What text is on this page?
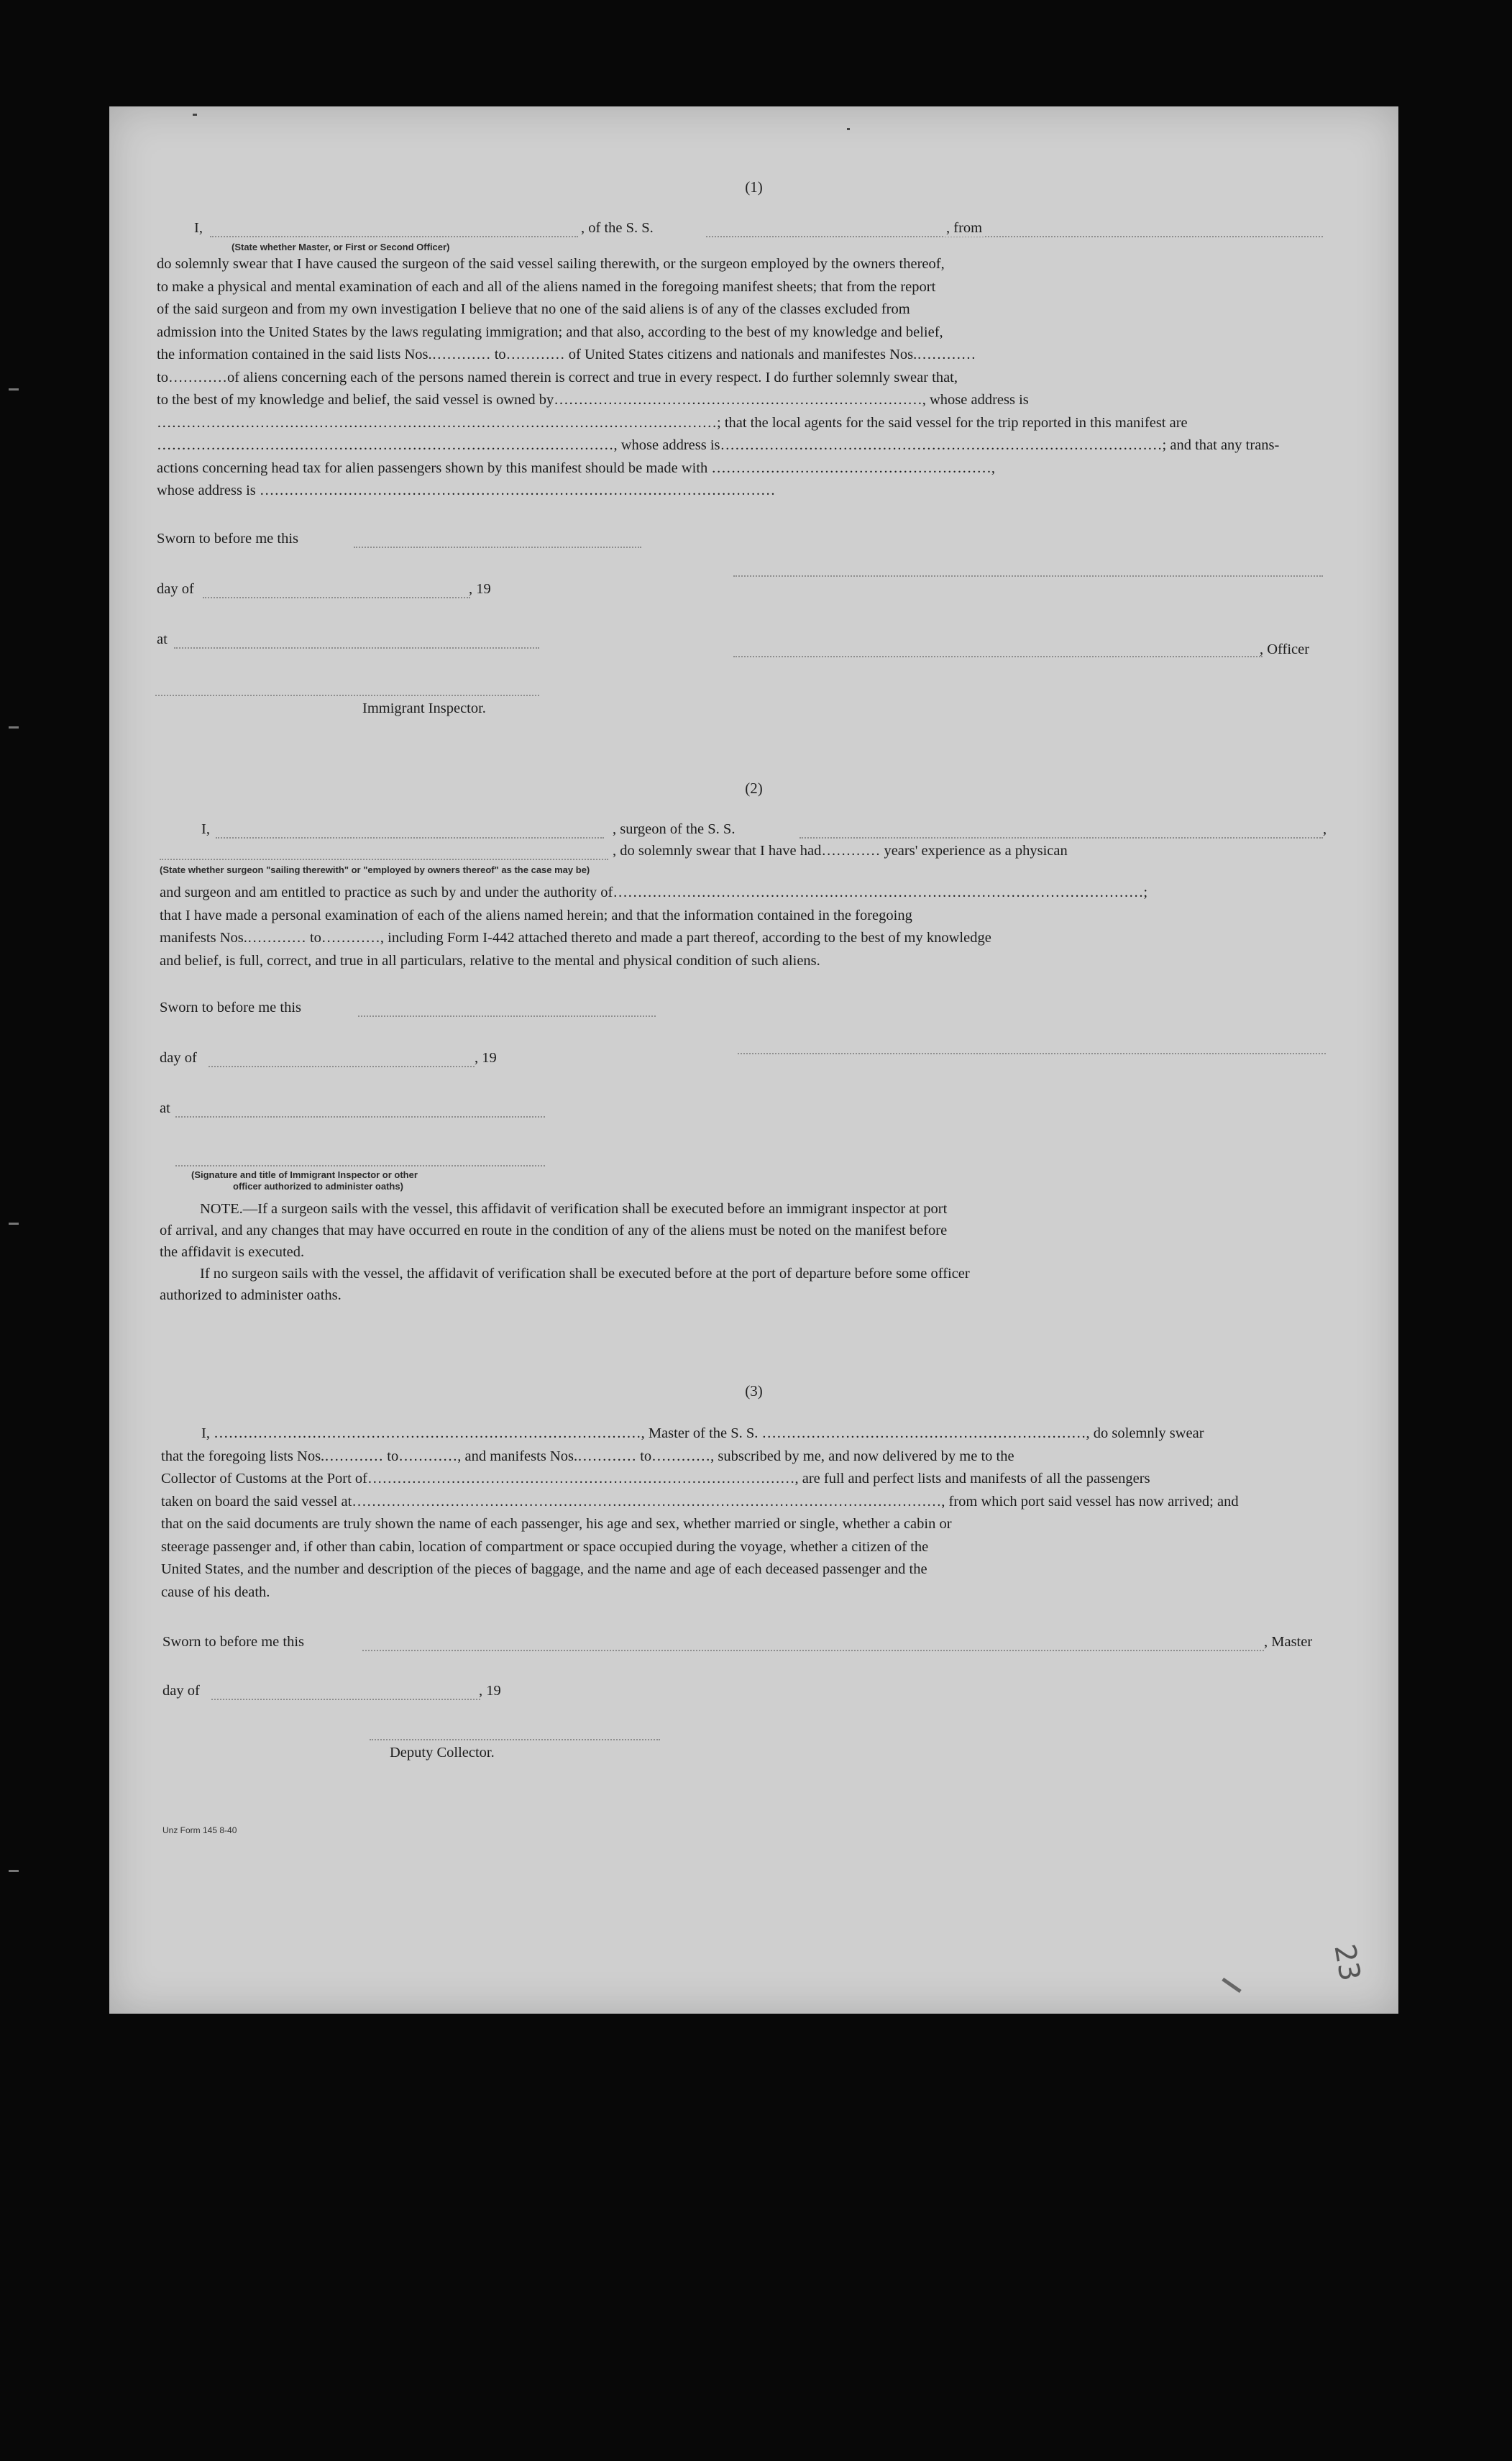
(1)
I,	, of the S. S.	, from
(State whether Master, or First or Second Officer)
do solemnly swear that I have caused the surgeon of the said vessel sailing therewith, or the surgeon employed by the owners thereof,
to make a physical and mental examination of each and all of the aliens named in the foregoing manifest sheets; that from the report
of the said surgeon and from my own investigation I believe that no one of the said aliens is of any of the classes excluded from
admission into the United States by the laws regulating immigration; and that also, according to the best of my knowledge and belief,
the information contained in the said lists Nos.………… to………… of United States citizens and nationals and manifestes Nos.…………
to…………of aliens concerning each of the persons named therein is correct and true in every respect. I do further solemnly swear that,
to the best of my knowledge and belief, the said vessel is owned by…………………………………………………………………, whose address is
……………………………………………………………………………………………………; that the local agents for the said vessel for the trip reported in this manifest are
…………………………………………………………………………………, whose address is………………………………………………………………………………; and that any trans-
actions concerning head tax for alien passengers shown by this manifest should be made with …………………………………………………,
whose address is ……………………………………………………………………………………………
Sworn to before me this
day of	, 19
at
, Officer
Immigrant Inspector.
(2)
I,	, surgeon of the S. S.	,
, do solemnly swear that I have had………… years' experience as a physican
(State whether surgeon "sailing therewith" or "employed by owners thereof" as the case may be)
and surgeon and am entitled to practice as such by and under the authority of………………………………………………………………………………………………;
that I have made a personal examination of each of the aliens named herein; and that the information contained in the foregoing
manifests Nos.………… to…………, including Form I-442 attached thereto and made a part thereof, according to the best of my knowledge
and belief, is full, correct, and true in all particulars, relative to the mental and physical condition of such aliens.
Sworn to before me this
day of	, 19
at
(Signature and title of Immigrant Inspector or other
officer authorized to administer oaths)
NOTE.—If a surgeon sails with the vessel, this affidavit of verification shall be executed before an immigrant inspector at port
of arrival, and any changes that may have occurred en route in the condition of any of the aliens must be noted on the manifest before
the affidavit is executed.
If no surgeon sails with the vessel, the affidavit of verification shall be executed before at the port of departure before some officer
authorized to administer oaths.
(3)
I, ……………………………………………………………………………, Master of the S. S. …………………………………………………………, do solemnly swear
that the foregoing lists Nos.………… to…………, and manifests Nos.………… to…………, subscribed by me, and now delivered by me to the
Collector of Customs at the Port of……………………………………………………………………………, are full and perfect lists and manifests of all the passengers
taken on board the said vessel at…………………………………………………………………………………………………………, from which port said vessel has now arrived; and
that on the said documents are truly shown the name of each passenger, his age and sex, whether married or single, whether a cabin or
steerage passenger and, if other than cabin, location of compartment or space occupied during the voyage, whether a citizen of the
United States, and the number and description of the pieces of baggage, and the name and age of each deceased passenger and the
cause of his death.
Sworn to before me this	, Master
day of	, 19
Deputy Collector.
Unz Form 145 8-40
23
